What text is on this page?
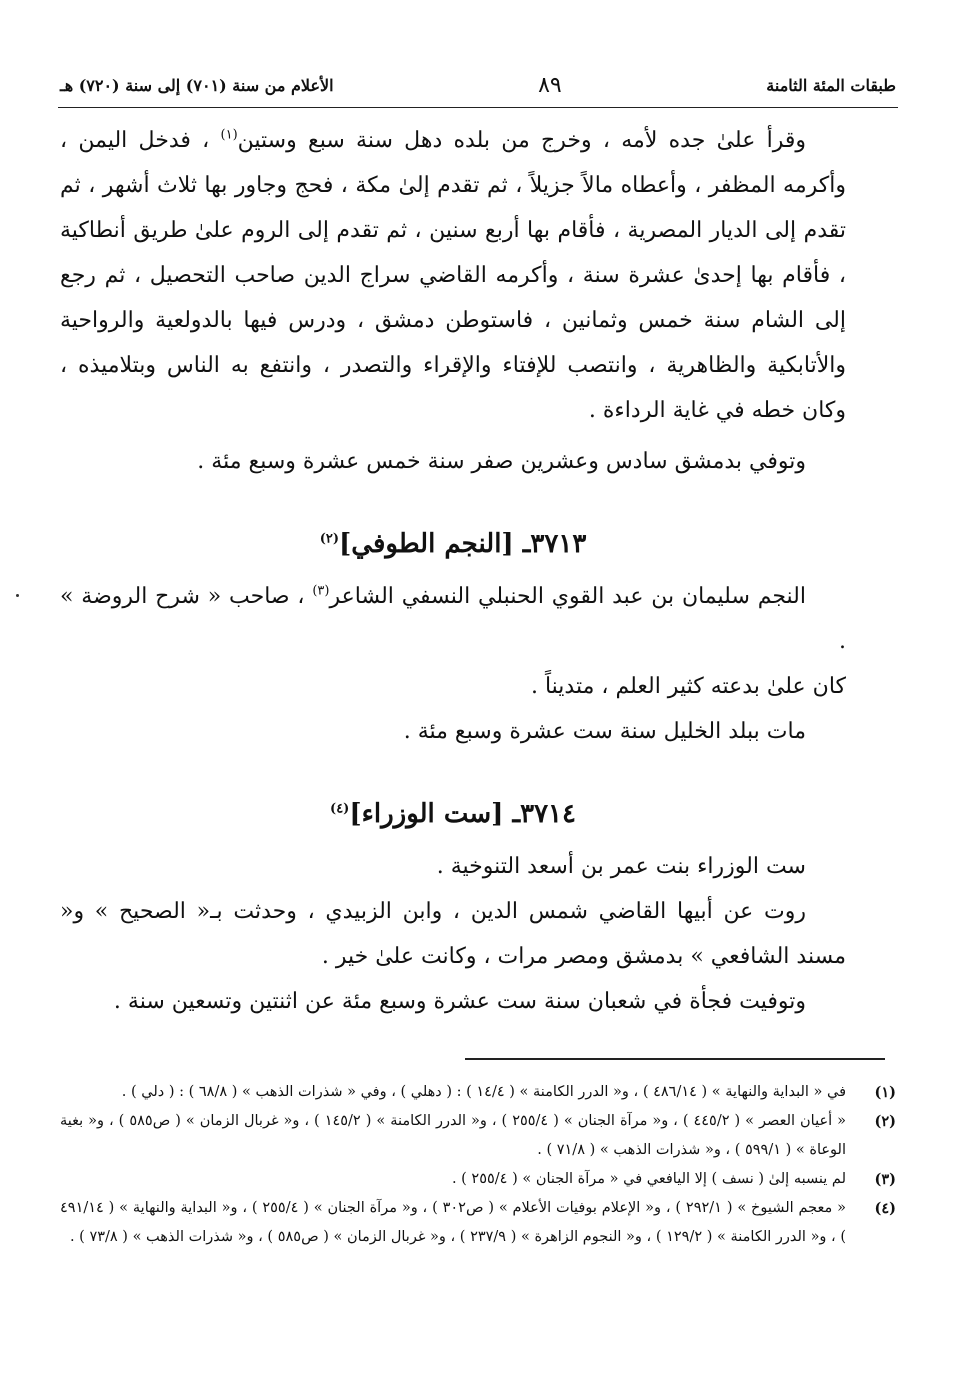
طبقات المئة الثامنة
٨٩
الأعلام من سنة (٧٠١) إلى سنة (٧٢٠) هـ

وقرأ علىٰ جده لأمه ، وخرج من بلده دهل سنة سبع وستين$^{(١)}$ ، فدخل اليمن ، وأكرمه المظفر ، وأعطاه مالاً جزيلاً ، ثم تقدم إلىٰ مكة ، فحج وجاور بها ثلاث أشهر ، ثم تقدم إلى الديار المصرية ، فأقام بها أربع سنين ، ثم تقدم إلى الروم علىٰ طريق أنطاكية ، فأقام بها إحدىٰ عشرة سنة ، وأكرمه القاضي سراج الدين صاحب التحصيل ، ثم رجع إلى الشام سنة خمس وثمانين ، فاستوطن دمشق ، ودرس فيها بالدولعية والرواحية والأتابكية والظاهرية ، وانتصب للإفتاء والإقراء والتصدر ، وانتفع به الناس وبتلاميذه ، وكان خطه في غاية الرداءة .

وتوفي بدمشق سادس وعشرين صفر سنة خمس عشرة وسبع مئة .

٣٧١٣ـ [النجم الطوفي]$^{(٢)}$

النجم سليمان بن عبد القوي الحنبلي النسفي الشاعر$^{(٣)}$ ، صاحب « شرح الروضة » .

كان علىٰ بدعته كثير العلم ، متديناً .

مات ببلد الخليل سنة ست عشرة وسبع مئة .

٣٧١٤ـ [ست الوزراء]$^{(٤)}$

ست الوزراء بنت عمر بن أسعد التنوخية .

روت عن أبيها القاضي شمس الدين ، وابن الزبيدي ، وحدثت بـ« الصحيح » و« مسند الشافعي » بدمشق ومصر مرات ، وكانت علىٰ خير .

وتوفيت فجأة في شعبان سنة ست عشرة وسبع مئة عن اثنتين وتسعين سنة .

(١)
في « البداية والنهاية » ( ٤٨٦/١٤ ) ، و« الدرر الكامنة » ( ١٤/٤ ) : ( دهلي ) ، وفي « شذرات الذهب » ( ٦٨/٨ ) : ( دلي ) .
(٢)
« أعيان العصر » ( ٤٤٥/٢ ) ، و« مرآة الجنان » ( ٢٥٥/٤ ) ، و« الدرر الكامنة » ( ١٤٥/٢ ) ، و« غربال الزمان » ( ص٥٨٥ ) ، و« بغية الوعاة » ( ٥٩٩/١ ) ، و« شذرات الذهب » ( ٧١/٨ ) .
(٣)
لم ينسبه إلىٰ ( نسف ) إلا اليافعي في « مرآة الجنان » ( ٢٥٥/٤ ) .
(٤)
« معجم الشيوخ » ( ٢٩٢/١ ) ، و« الإعلام بوفيات الأعلام » ( ص٣٠٢ ) ، و« مرآة الجنان » ( ٢٥٥/٤ ) ، و« البداية والنهاية » ( ٤٩١/١٤ ) ، و« الدرر الكامنة » ( ١٢٩/٢ ) ، و« النجوم الزاهرة » ( ٢٣٧/٩ ) ، و« غربال الزمان » ( ص٥٨٥ ) ، و« شذرات الذهب » ( ٧٣/٨ ) .
